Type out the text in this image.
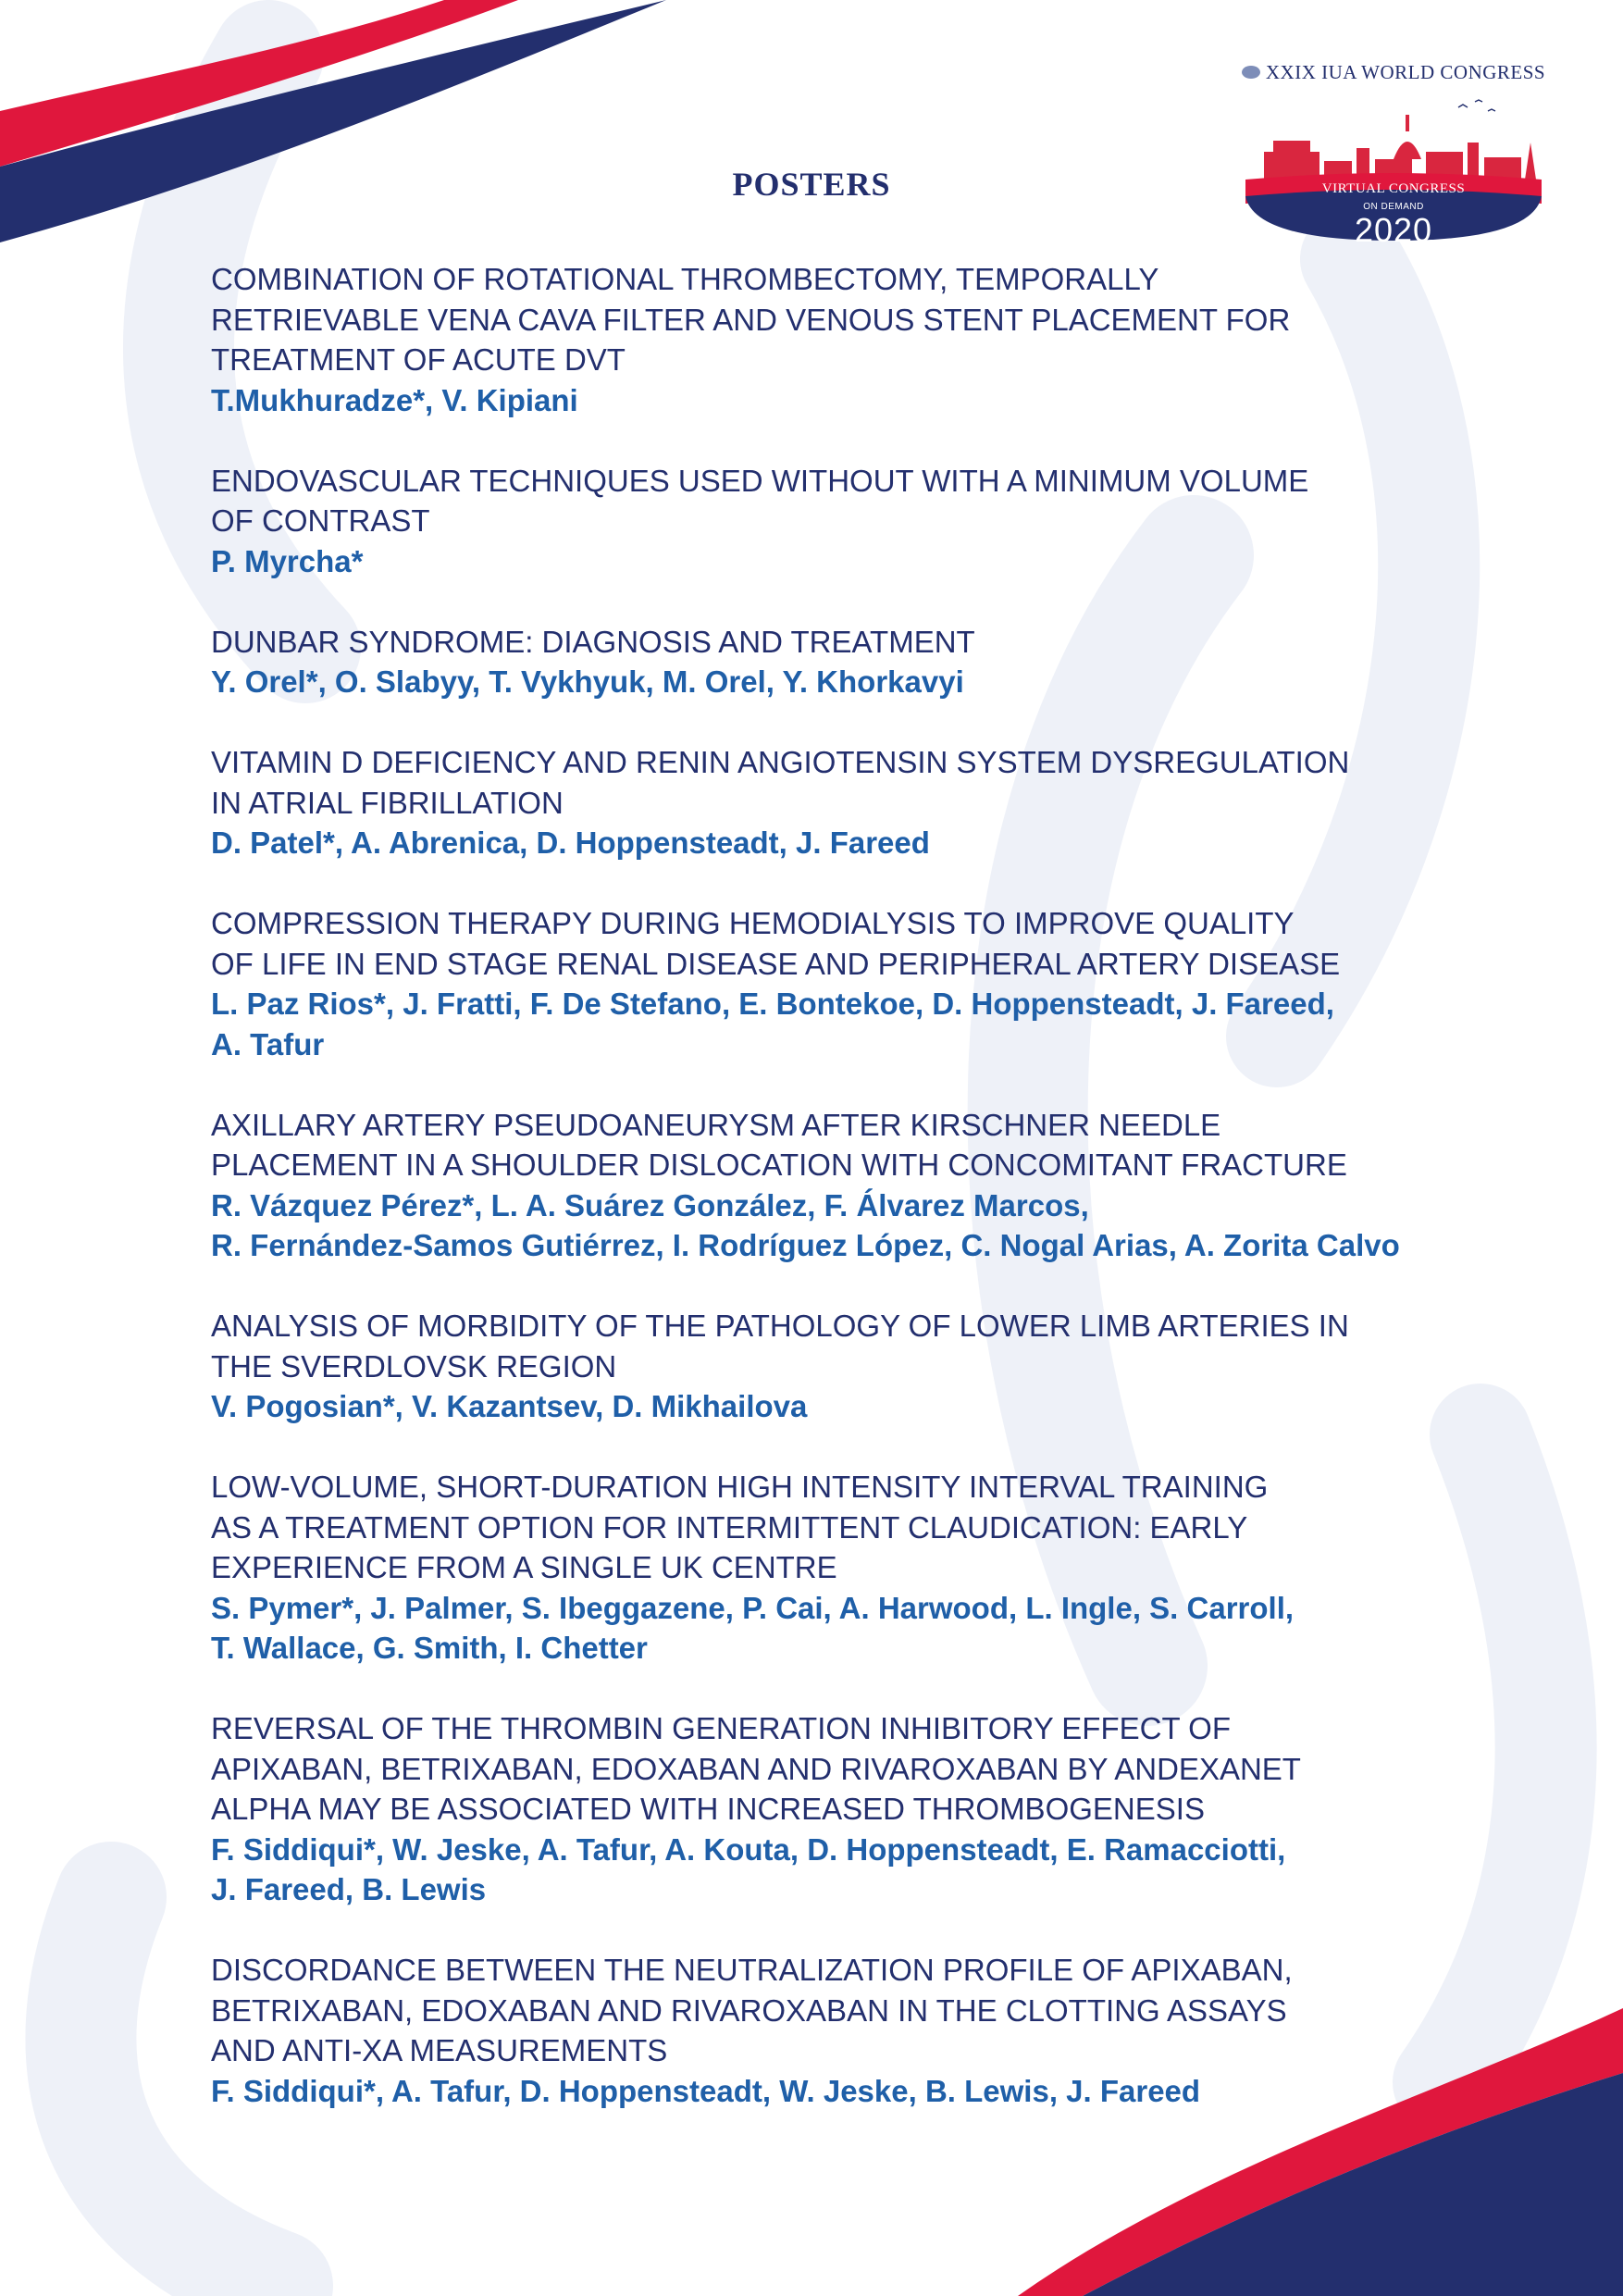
XXIX IUA WORLD CONGRESS
VIRTUAL CONGRESS
ON DEMAND
2020
POSTERS

COMBINATION OF ROTATIONAL THROMBECTOMY, TEMPORALLY
RETRIEVABLE VENA CAVA FILTER AND VENOUS STENT PLACEMENT FOR
TREATMENT OF ACUTE DVT

T.Mukhuradze*, V. Kipiani

ENDOVASCULAR TECHNIQUES USED WITHOUT WITH A MINIMUM VOLUME
OF CONTRAST

P. Myrcha*

DUNBAR SYNDROME: DIAGNOSIS AND TREATMENT

Y. Orel*, O. Slabyy, T. Vykhyuk, M. Orel, Y. Khorkavyi

VITAMIN D DEFICIENCY AND RENIN ANGIOTENSIN SYSTEM DYSREGULATION
IN ATRIAL FIBRILLATION

D. Patel*, A. Abrenica, D. Hoppensteadt, J. Fareed

COMPRESSION THERAPY DURING HEMODIALYSIS TO IMPROVE QUALITY
OF LIFE IN END STAGE RENAL DISEASE AND PERIPHERAL ARTERY DISEASE

L. Paz Rios*, J. Fratti, F. De Stefano, E. Bontekoe, D. Hoppensteadt, J. Fareed,
A. Tafur

AXILLARY ARTERY PSEUDOANEURYSM AFTER KIRSCHNER NEEDLE
PLACEMENT IN A SHOULDER DISLOCATION WITH CONCOMITANT FRACTURE

R. Vázquez Pérez*, L. A. Suárez González, F. Álvarez Marcos,
R. Fernández-Samos Gutiérrez, I. Rodríguez López, C. Nogal Arias, A. Zorita Calvo

ANALYSIS OF MORBIDITY OF THE PATHOLOGY OF LOWER LIMB ARTERIES IN
THE SVERDLOVSK REGION

V. Pogosian*, V. Kazantsev, D. Mikhailova

LOW-VOLUME, SHORT-DURATION HIGH INTENSITY INTERVAL TRAINING
AS A TREATMENT OPTION FOR INTERMITTENT CLAUDICATION: EARLY
EXPERIENCE FROM A SINGLE UK CENTRE

S. Pymer*, J. Palmer, S. Ibeggazene, P. Cai, A. Harwood, L. Ingle, S. Carroll,
T. Wallace, G. Smith, I. Chetter

REVERSAL OF THE THROMBIN GENERATION INHIBITORY EFFECT OF
APIXABAN, BETRIXABAN, EDOXABAN AND RIVAROXABAN BY ANDEXANET
ALPHA MAY BE ASSOCIATED WITH INCREASED THROMBOGENESIS

F. Siddiqui*, W. Jeske, A. Tafur, A. Kouta, D. Hoppensteadt, E. Ramacciotti,
J. Fareed, B. Lewis

DISCORDANCE BETWEEN THE NEUTRALIZATION PROFILE OF APIXABAN,
BETRIXABAN, EDOXABAN AND RIVAROXABAN IN THE CLOTTING ASSAYS
AND ANTI-XA MEASUREMENTS

F. Siddiqui*, A. Tafur, D. Hoppensteadt, W. Jeske, B. Lewis, J. Fareed
